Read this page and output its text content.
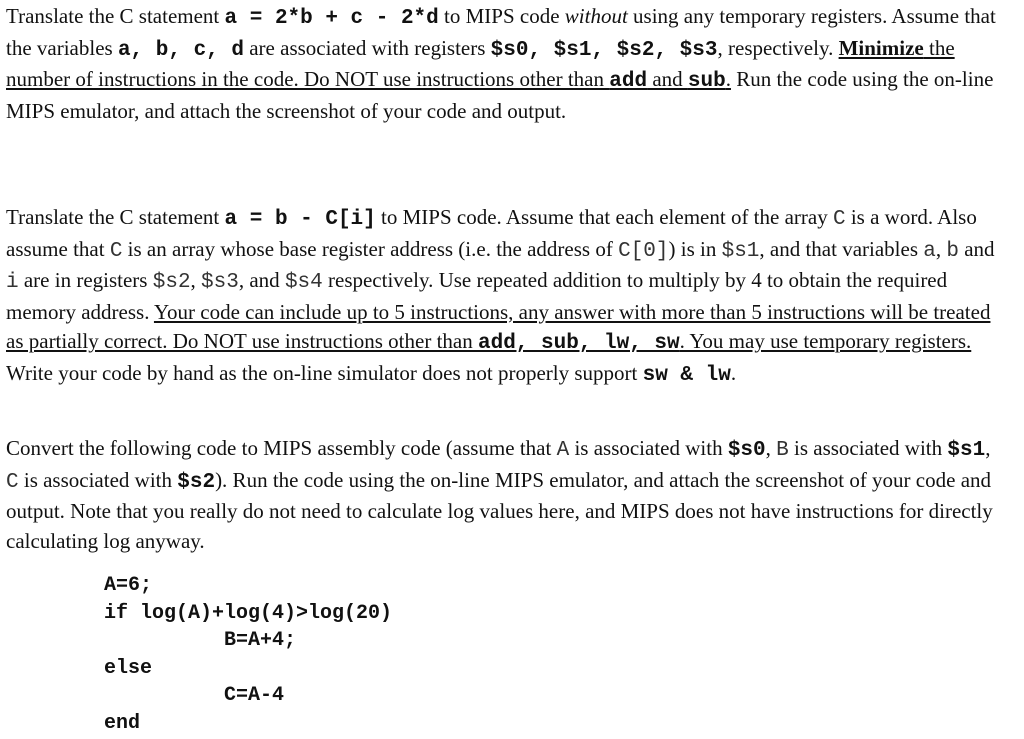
Translate the C statement a = 2*b + c - 2*d to MIPS code without using any temporary registers. Assume that the variables a, b, c, d are associated with registers $s0, $s1, $s2, $s3, respectively. Minimize the number of instructions in the code. Do NOT use instructions other than add and sub. Run the code using the on-line MIPS emulator, and attach the screenshot of your code and output.

Translate the C statement a = b - C[i] to MIPS code. Assume that each element of the array C is a word. Also assume that C is an array whose base register address (i.e. the address of C[0]) is in $s1, and that variables a, b and i are in registers $s2, $s3, and $s4 respectively. Use repeated addition to multiply by 4 to obtain the required memory address. Your code can include up to 5 instructions, any answer with more than 5 instructions will be treated as partially correct. Do NOT use instructions other than add, sub, lw, sw. You may use temporary registers. Write your code by hand as the on-line simulator does not properly support sw & lw.

Convert the following code to MIPS assembly code (assume that A is associated with $s0, B is associated with $s1, C is associated with $s2). Run the code using the on-line MIPS emulator, and attach the screenshot of your code and output. Note that you really do not need to calculate log values here, and MIPS does not have instructions for directly calculating log anyway.

A=6;
if log(A)+log(4)>log(20)
B=A+4;
else
C=A-4
end
